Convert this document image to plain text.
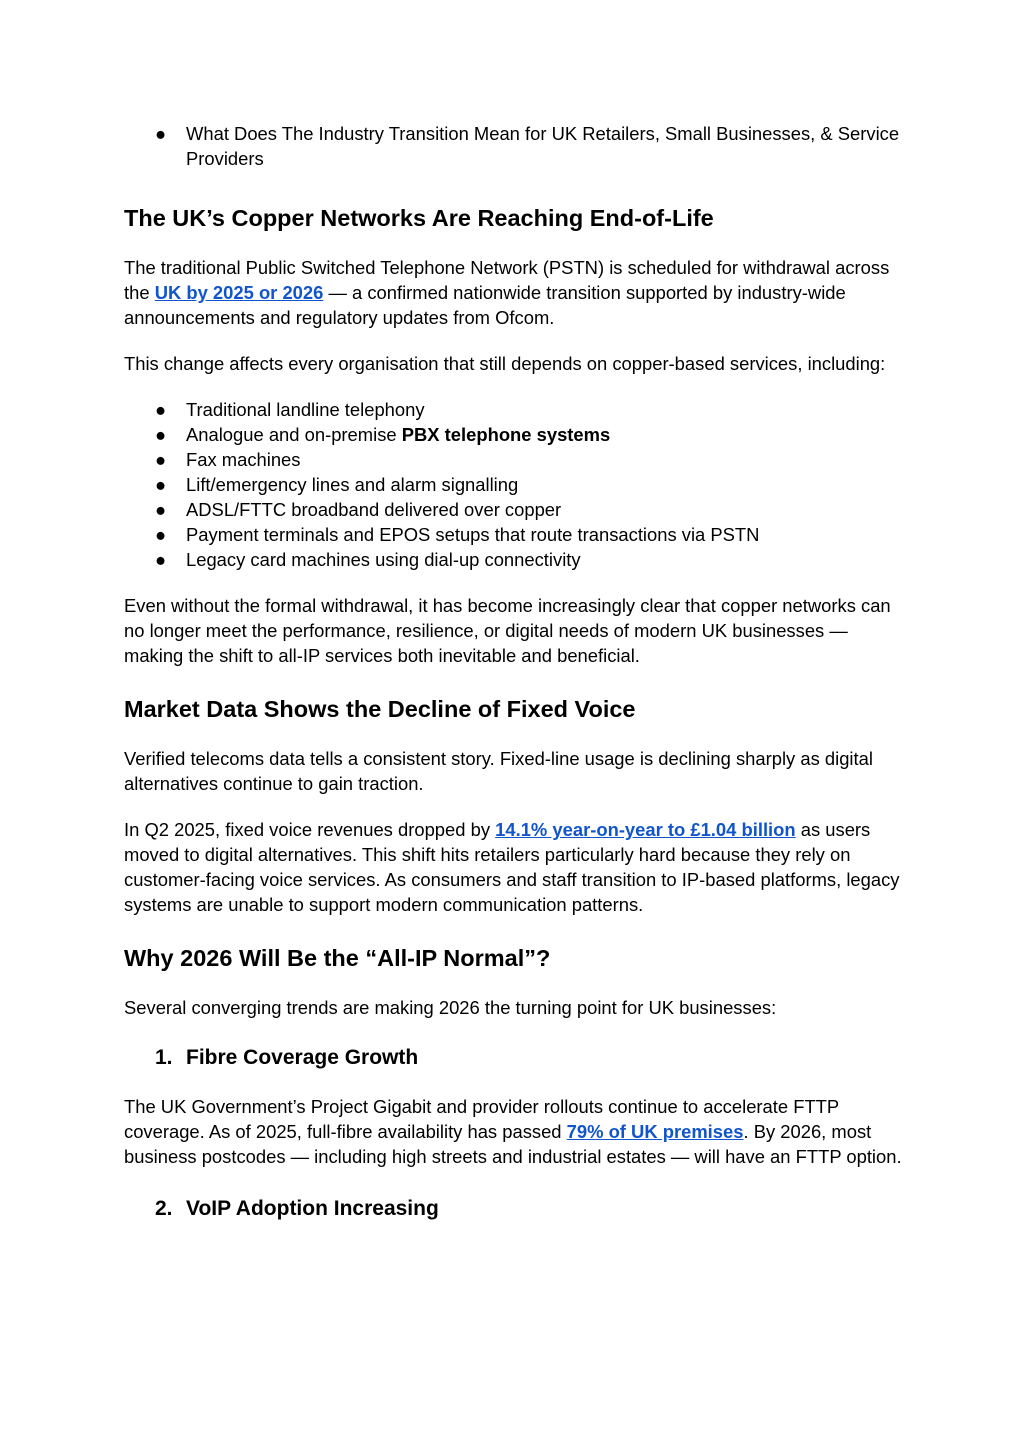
● What Does The Industry Transition Mean for UK Retailers, Small Businesses, & Service Providers
The UK’s Copper Networks Are Reaching End-of-Life

The traditional Public Switched Telephone Network (PSTN) is scheduled for withdrawal across the UK by 2025 or 2026 — a confirmed nationwide transition supported by industry-wide announcements and regulatory updates from Ofcom.

This change affects every organisation that still depends on copper-based services, including:

● Traditional landline telephony
● Analogue and on-premise PBX telephone systems
● Fax machines
● Lift/emergency lines and alarm signalling
● ADSL/FTTC broadband delivered over copper
● Payment terminals and EPOS setups that route transactions via PSTN
● Legacy card machines using dial-up connectivity

Even without the formal withdrawal, it has become increasingly clear that copper networks can no longer meet the performance, resilience, or digital needs of modern UK businesses — making the shift to all-IP services both inevitable and beneficial.

Market Data Shows the Decline of Fixed Voice

Verified telecoms data tells a consistent story. Fixed-line usage is declining sharply as digital alternatives continue to gain traction.

In Q2 2025, fixed voice revenues dropped by 14.1% year-on-year to £1.04 billion as users moved to digital alternatives. This shift hits retailers particularly hard because they rely on customer-facing voice services. As consumers and staff transition to IP-based platforms, legacy systems are unable to support modern communication patterns.

Why 2026 Will Be the “All-IP Normal”?

Several converging trends are making 2026 the turning point for UK businesses:

1. Fibre Coverage Growth

The UK Government’s Project Gigabit and provider rollouts continue to accelerate FTTP coverage. As of 2025, full-fibre availability has passed 79% of UK premises. By 2026, most business postcodes — including high streets and industrial estates — will have an FTTP option.

2. VoIP Adoption Increasing
